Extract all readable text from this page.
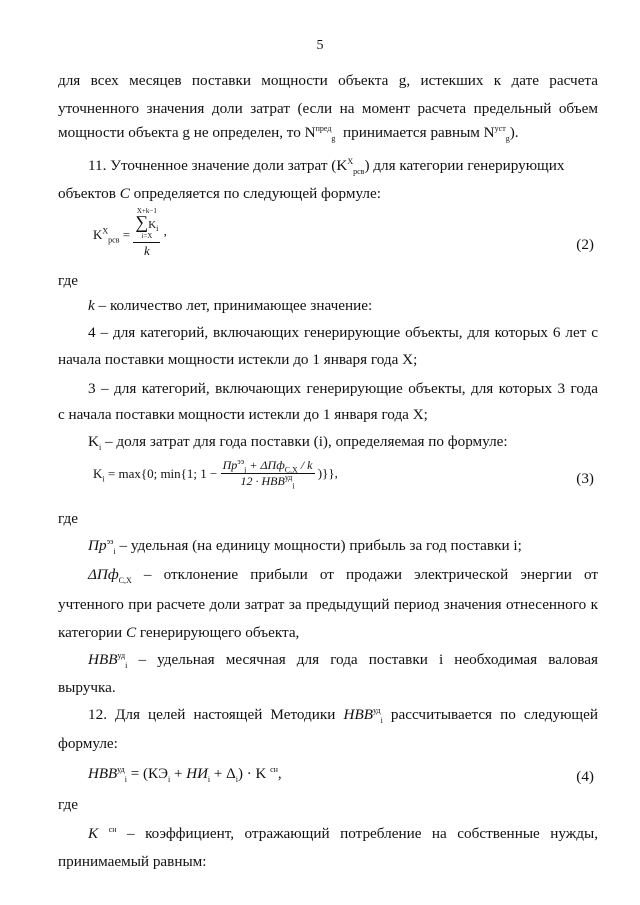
5
для всех месяцев поставки мощности объекта g, истекших к дате расчета
уточненного значения доли затрат (если на момент расчета предельный объем
мощности объекта g не определен, то $N^{пред}_g$ принимается равным $N^{уст}_g$).
11. Уточненное значение доли затрат $(K^X_{рсв})$ для категории генерирующих
объектов C определяется по следующей формуле:
$K^X_{рсв} = X+k-1$
$\sum K_i$
i=X
k ,
(2)
где
k – количество лет, принимающее значение:
4 – для категорий, включающих генерирующие объекты, для которых 6 лет с
начала поставки мощности истекли до 1 января года X;
3 – для категорий, включающих генерирующие объекты, для которых 3 года
с начала поставки мощности истекли до 1 января года X;
$K_i$ – доля затрат для года поставки (i), определяемая по формуле:
$K_i = \max\{0$; min{1; $1 - \frac{Пp^{ээ}_i + \Delta Пф_{C,X} / k}{12 \cdot НВВ^{уд}_i}$ )}},	(3)
где
$Пp^{ээ}_i$ – удельная (на единицу мощности) прибыль за год поставки i;
ΔПф$_{C,X}$ – отклонение прибыли от продажи электрической энергии от
учтенного при расчете доли затрат за предыдущий период значения отнесенного к
категории C генерирующего объекта,
$НВВ^{уд}_i$ – удельная месячная для года поставки i необходимая валовая
выручка.
12. Для целей настоящей Методики $НВВ^{уд}_i$ рассчитывается по следующей
формуле:
$НВВ^{уд}_i = (КЭ_i + НИ_i + \Delta_i) \cdot K$ $^{сн}$,	(4)
где
K $^{сн}$ – коэффициент, отражающий потребление на собственные нужды,
принимаемый равным:
